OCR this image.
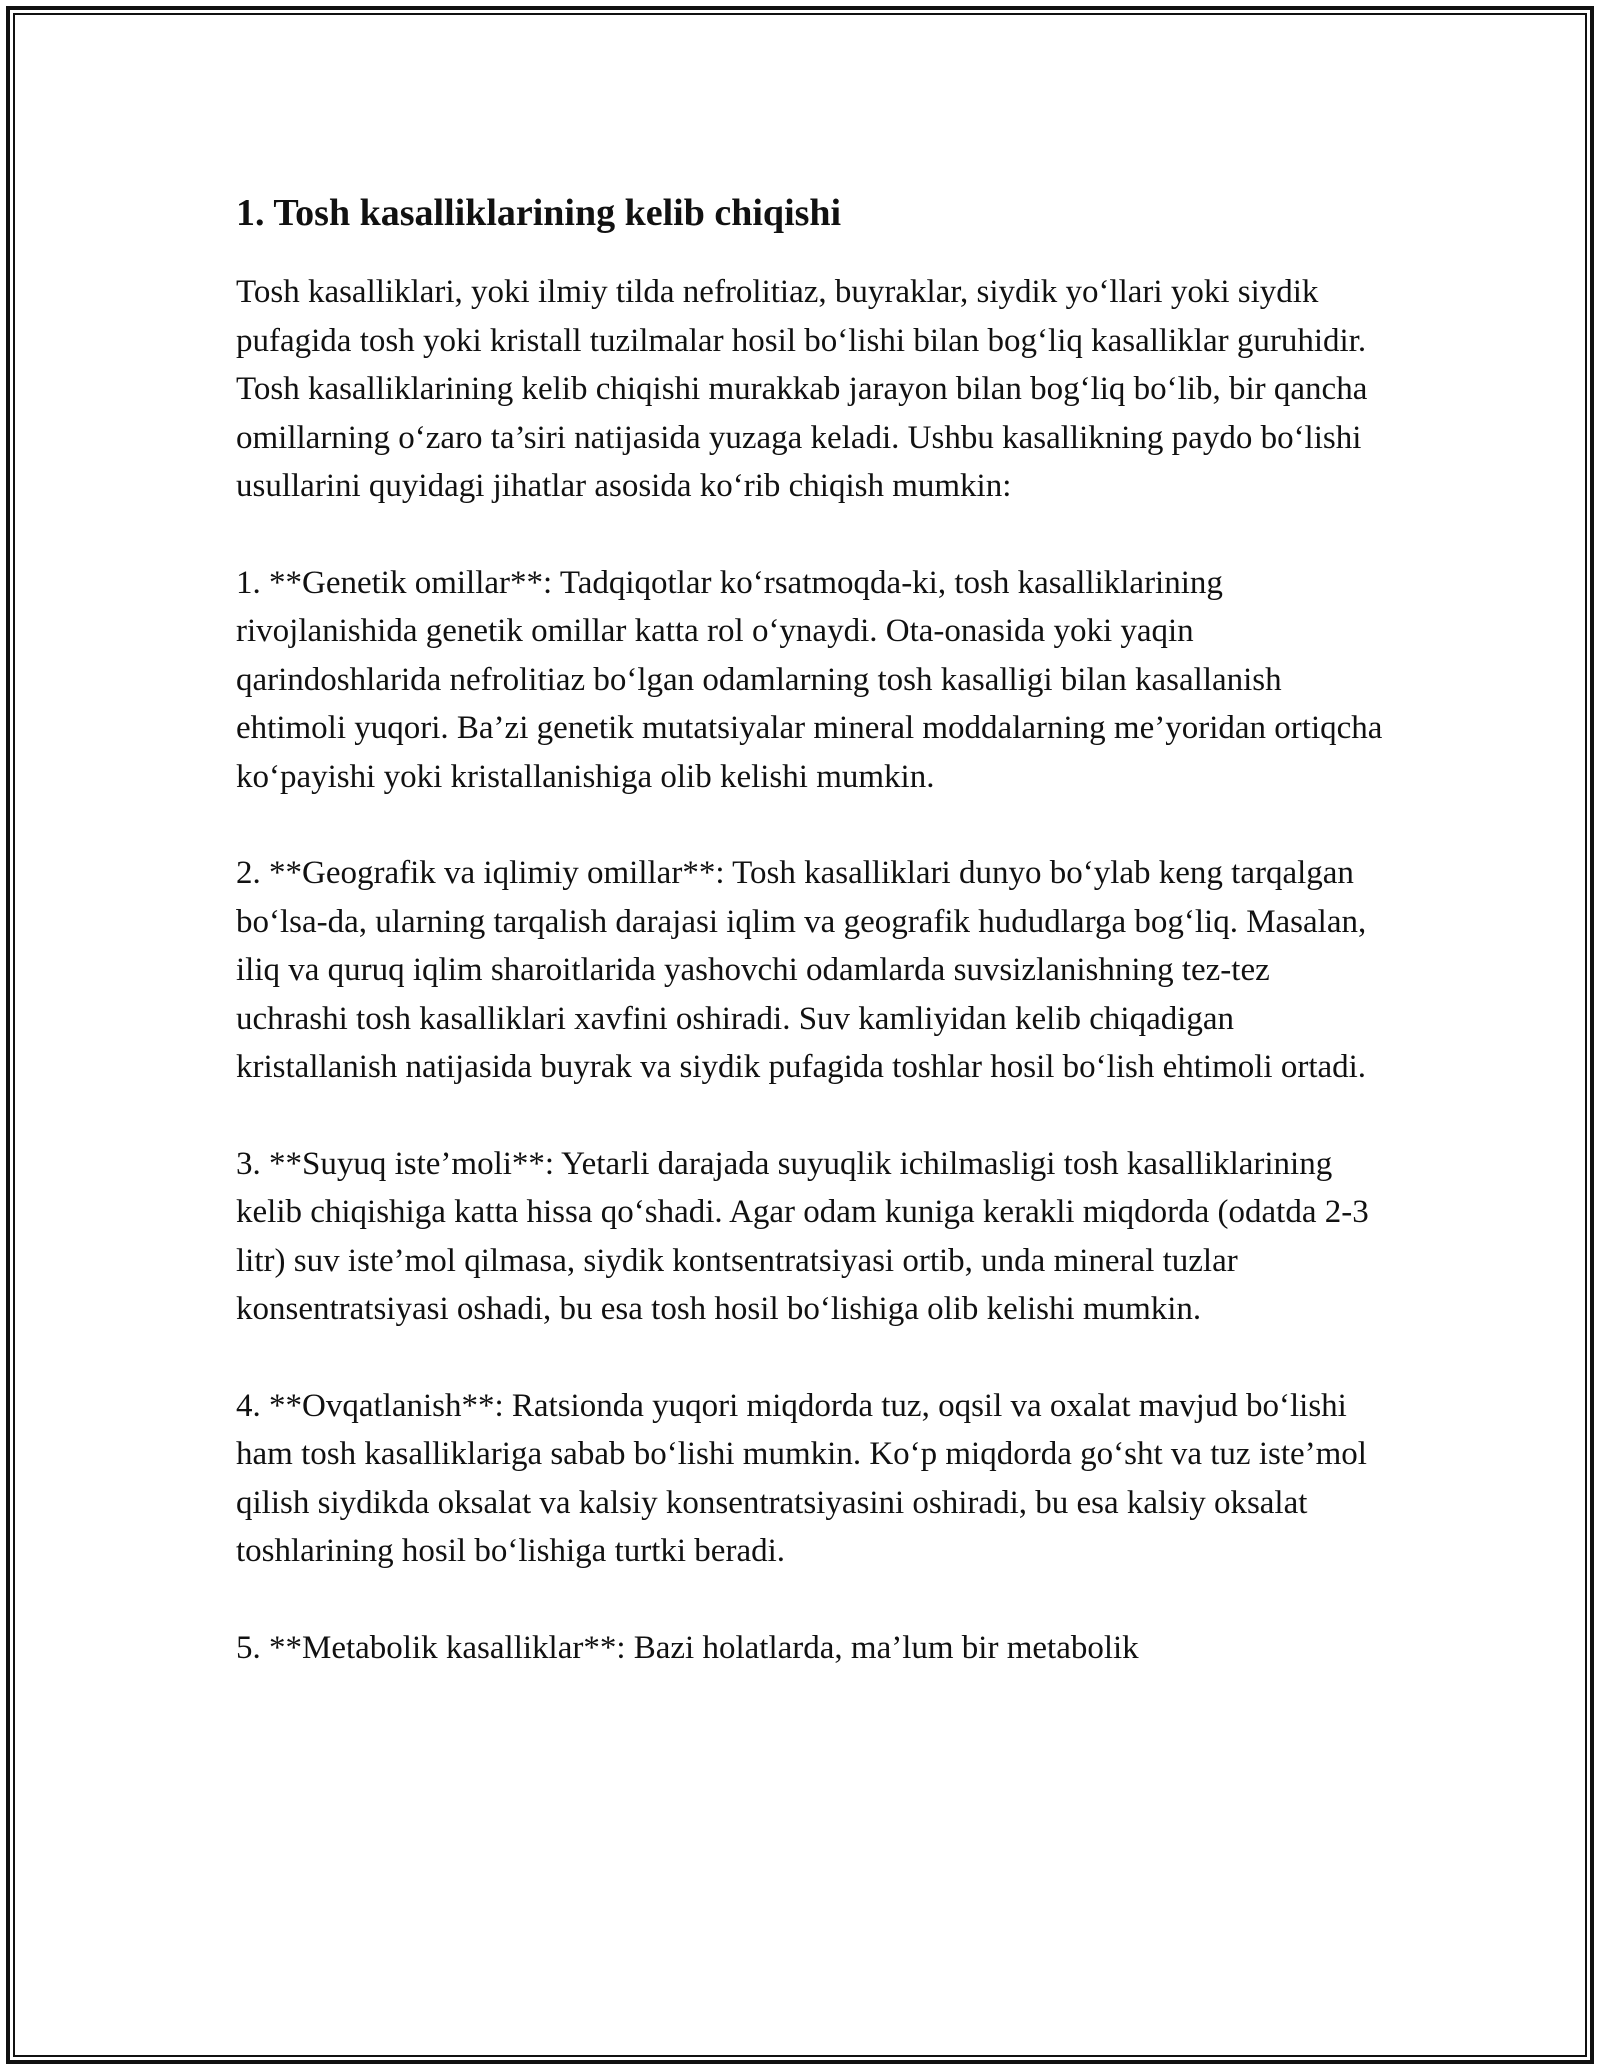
1. Tosh kasalliklarining kelib chiqishi

Tosh kasalliklari, yoki ilmiy tilda nefrolitiaz, buyraklar, siydik yo‘llari yoki siydik pufagida tosh yoki kristall tuzilmalar hosil bo‘lishi bilan bog‘liq kasalliklar guruhidir. Tosh kasalliklarining kelib chiqishi murakkab jarayon bilan bog‘liq bo‘lib, bir qancha omillarning o‘zaro ta’siri natijasida yuzaga keladi. Ushbu kasallikning paydo bo‘lishi usullarini quyidagi jihatlar asosida ko‘rib chiqish mumkin:

1. **Genetik omillar**: Tadqiqotlar ko‘rsatmoqda-ki, tosh kasalliklarining rivojlanishida genetik omillar katta rol o‘ynaydi. Ota-onasida yoki yaqin qarindoshlarida nefrolitiaz bo‘lgan odamlarning tosh kasalligi bilan kasallanish ehtimoli yuqori. Ba’zi genetik mutatsiyalar mineral moddalarning me’yoridan ortiqcha ko‘payishi yoki kristallanishiga olib kelishi mumkin.

2. **Geografik va iqlimiy omillar**: Tosh kasalliklari dunyo bo‘ylab keng tarqalgan bo‘lsa-da, ularning tarqalish darajasi iqlim va geografik hududlarga bog‘liq. Masalan, iliq va quruq iqlim sharoitlarida yashovchi odamlarda suvsizlanishning tez-tez uchrashi tosh kasalliklari xavfini oshiradi. Suv kamliyidan kelib chiqadigan kristallanish natijasida buyrak va siydik pufagida toshlar hosil bo‘lish ehtimoli ortadi.

3. **Suyuq iste’moli**: Yetarli darajada suyuqlik ichilmasligi tosh kasalliklarining kelib chiqishiga katta hissa qo‘shadi. Agar odam kuniga kerakli miqdorda (odatda 2-3 litr) suv iste’mol qilmasa, siydik kontsentratsiyasi ortib, unda mineral tuzlar konsentratsiyasi oshadi, bu esa tosh hosil bo‘lishiga olib kelishi mumkin.

4. **Ovqatlanish**: Ratsionda yuqori miqdorda tuz, oqsil va oxalat mavjud bo‘lishi ham tosh kasalliklariga sabab bo‘lishi mumkin. Ko‘p miqdorda go‘sht va tuz iste’mol qilish siydikda oksalat va kalsiy konsentratsiyasini oshiradi, bu esa kalsiy oksalat toshlarining hosil bo‘lishiga turtki beradi.

5. **Metabolik kasalliklar**: Bazi holatlarda, ma’lum bir metabolik
